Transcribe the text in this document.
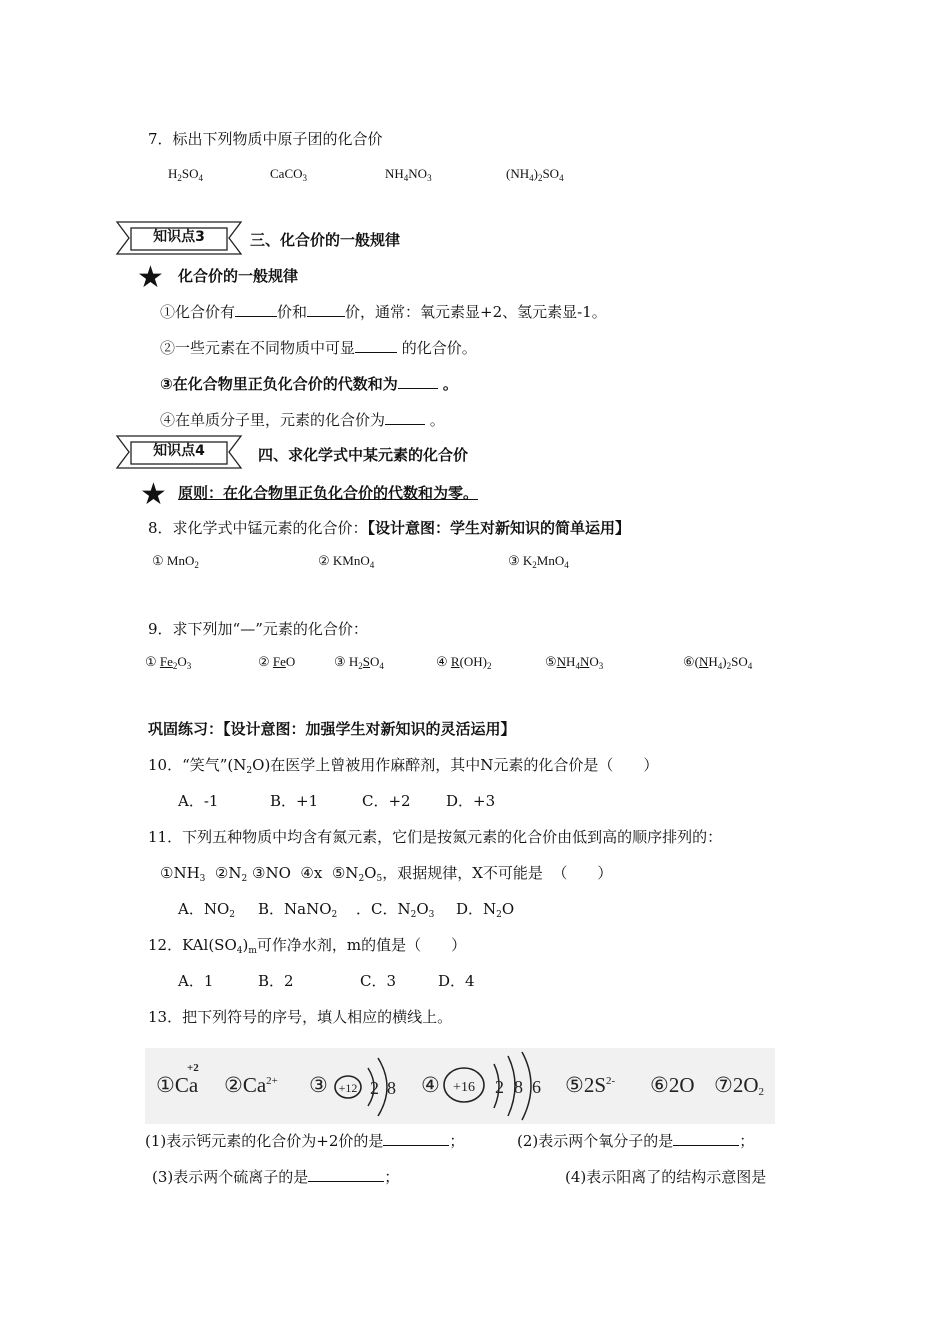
7．标出下列物质中原子团的化合价
$H_2SO_4$	CaCO$_3$	$NH_4NO_3$	$(NH_4)_2SO_4$
知识点3	三、化合价的一般规律
★ 化合价的一般规律
①化合价有	价和	价，通常：氧元素显+2、氢元素显-1。
②一些元素在不同物质中可显	的化合价。
③在化合物里正负化合价的代数和为	。
④在单质分子里，元素的化合价为	。
知识点4	四、求化学式中某元素的化合价
★ 原则：在化合物里正负化合价的代数和为零。
8．求化学式中锰元素的化合价：【设计意图：学生对新知识的简单运用】
① MnO$_2$	② KMnO$_4$	③ $K_2MnO_4$
9．求下列加“—”元素的化合价：
① $Fe_2O_3$	② FeO	③ $H_2SO_4$	④ $R(OH)_2$	$⑤NH_4NO_3$	$⑥(NH_4)_2SO_4$
巩固练习：【设计意图：加强学生对新知识的灵活运用】
10．“笑气$”(N_2O)$在医学上曾被用作麻醉剂，其中N元素的化合价是（　　）
A．-1	B．+1	C．+2 D．+3
11．下列五种物质中均含有氮元素，它们是按氮元素的化合价由低到高的顺序排列的：
$①NH_3$  $②N_2$ ③NO  ④x  $⑤N_2O_5$，艰据规律，X不可能是  （　　）
A．$NO_2$ B．NaNO$_2$ ．C．$N_2O_3$ D．$N_2O$
12．$KAl(SO_4)_m$可作净水剂，m的值是（　　）
A．1	B．2	C．3	D．4
13．把下列符号的序号，填人相应的横线上。
①Ca
+2
$②Ca^{2+}$ ③ +12 2 8 ④ +16 2 8 6 $⑤2S^{2-}$ ⑥2O $⑦2O_2$
(1)表示钙元素的化合价为+2价的是	；	(2)表示两个氧分子的是	；
(3)表示两个硫离子的是	；	(4)表示阳离了的结构示意图是
